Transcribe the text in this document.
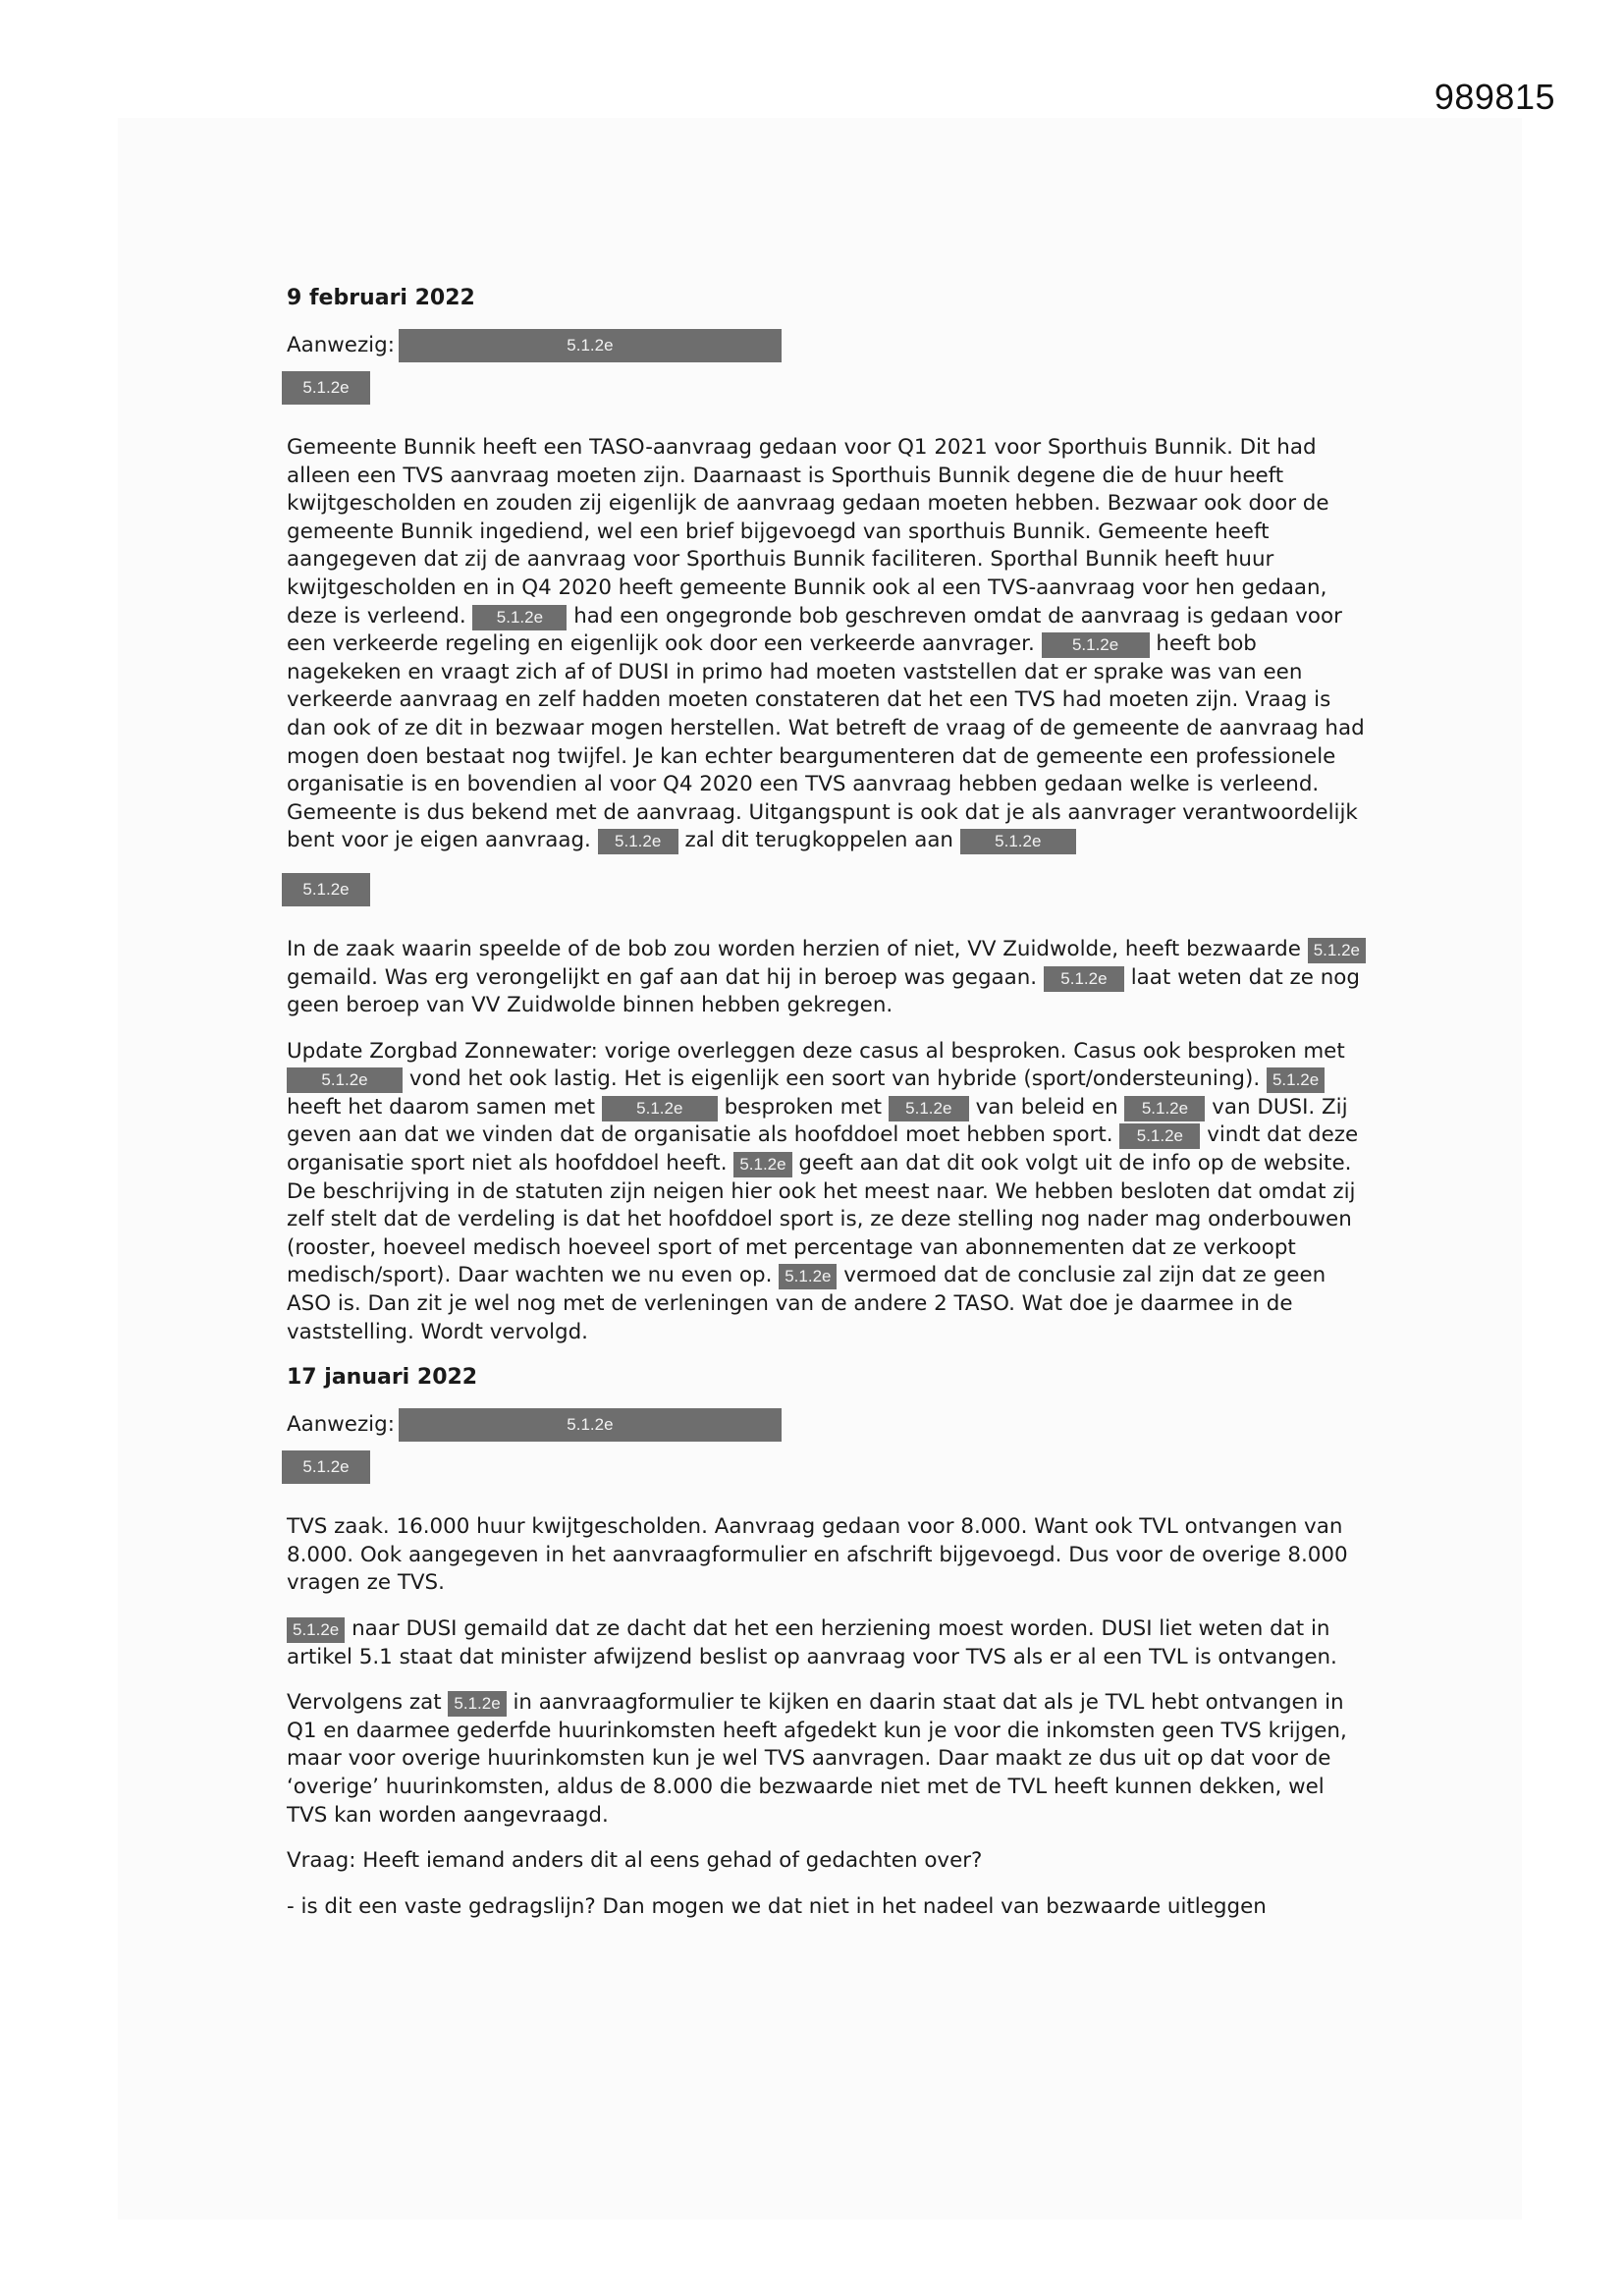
989815
9 februari 2022
Aanwezig:	5.1.2e
5.1.2e

Gemeente Bunnik heeft een TASO-aanvraag gedaan voor Q1 2021 voor Sporthuis Bunnik. Dit had alleen een TVS aanvraag moeten zijn. Daarnaast is Sporthuis Bunnik degene die de huur heeft kwijtgescholden en zouden zij eigenlijk de aanvraag gedaan moeten hebben. Bezwaar ook door de gemeente Bunnik ingediend, wel een brief bijgevoegd van sporthuis Bunnik. Gemeente heeft aangegeven dat zij de aanvraag voor Sporthuis Bunnik faciliteren. Sporthal Bunnik heeft huur kwijtgescholden en in Q4 2020 heeft gemeente Bunnik ook al een TVS-aanvraag voor hen gedaan, deze is verleend. 5.1.2e had een ongegronde bob geschreven omdat de aanvraag is gedaan voor een verkeerde regeling en eigenlijk ook door een verkeerde aanvrager. 5.1.2e heeft bob nagekeken en vraagt zich af of DUSI in primo had moeten vaststellen dat er sprake was van een verkeerde aanvraag en zelf hadden moeten constateren dat het een TVS had moeten zijn. Vraag is dan ook of ze dit in bezwaar mogen herstellen. Wat betreft de vraag of de gemeente de aanvraag had mogen doen bestaat nog twijfel. Je kan echter beargumenteren dat de gemeente een professionele organisatie is en bovendien al voor Q4 2020 een TVS aanvraag hebben gedaan welke is verleend. Gemeente is dus bekend met de aanvraag. Uitgangspunt is ook dat je als aanvrager verantwoordelijk bent voor je eigen aanvraag. 5.1.2e zal dit terugkoppelen aan 5.1.2e

5.1.2e

In de zaak waarin speelde of de bob zou worden herzien of niet, VV Zuidwolde, heeft bezwaarde 5.1.2e gemaild. Was erg verongelijkt en gaf aan dat hij in beroep was gegaan. 5.1.2e laat weten dat ze nog geen beroep van VV Zuidwolde binnen hebben gekregen.

Update Zorgbad Zonnewater: vorige overleggen deze casus al besproken. Casus ook besproken met 5.1.2e vond het ook lastig. Het is eigenlijk een soort van hybride (sport/ondersteuning). 5.1.2e heeft het daarom samen met 5.1.2e besproken met 5.1.2e van beleid en 5.1.2e van DUSI. Zij geven aan dat we vinden dat de organisatie als hoofddoel moet hebben sport. 5.1.2e vindt dat deze organisatie sport niet als hoofddoel heeft. 5.1.2e geeft aan dat dit ook volgt uit de info op de website. De beschrijving in de statuten zijn neigen hier ook het meest naar. We hebben besloten dat omdat zij zelf stelt dat de verdeling is dat het hoofddoel sport is, ze deze stelling nog nader mag onderbouwen (rooster, hoeveel medisch hoeveel sport of met percentage van abonnementen dat ze verkoopt medisch/sport). Daar wachten we nu even op. 5.1.2e vermoed dat de conclusie zal zijn dat ze geen ASO is. Dan zit je wel nog met de verleningen van de andere 2 TASO. Wat doe je daarmee in de vaststelling. Wordt vervolgd.

17 januari 2022
Aanwezig:	5.1.2e
5.1.2e

TVS zaak. 16.000 huur kwijtgescholden. Aanvraag gedaan voor 8.000. Want ook TVL ontvangen van 8.000. Ook aangegeven in het aanvraagformulier en afschrift bijgevoegd. Dus voor de overige 8.000 vragen ze TVS.

5.1.2e naar DUSI gemaild dat ze dacht dat het een herziening moest worden. DUSI liet weten dat in artikel 5.1 staat dat minister afwijzend beslist op aanvraag voor TVS als er al een TVL is ontvangen.

Vervolgens zat 5.1.2e in aanvraagformulier te kijken en daarin staat dat als je TVL hebt ontvangen in Q1 en daarmee gederfde huurinkomsten heeft afgedekt kun je voor die inkomsten geen TVS krijgen, maar voor overige huurinkomsten kun je wel TVS aanvragen. Daar maakt ze dus uit op dat voor de ‘overige’ huurinkomsten, aldus de 8.000 die bezwaarde niet met de TVL heeft kunnen dekken, wel TVS kan worden aangevraagd.

Vraag: Heeft iemand anders dit al eens gehad of gedachten over?

- is dit een vaste gedragslijn? Dan mogen we dat niet in het nadeel van bezwaarde uitleggen
